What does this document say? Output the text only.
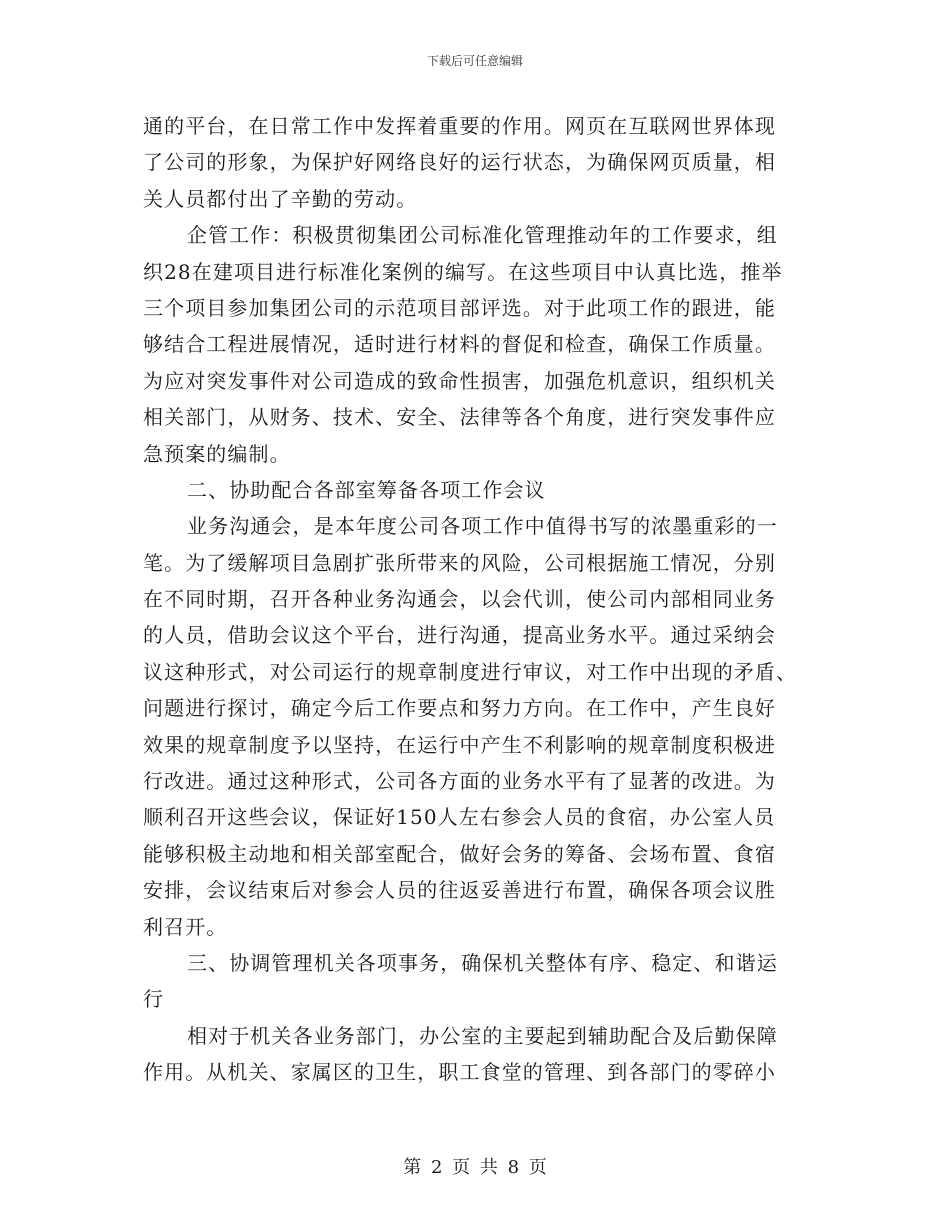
下载后可任意编辑
通的平台，在日常工作中发挥着重要的作用。网页在互联网世界体现
了公司的形象，为保护好网络良好的运行状态，为确保网页质量，相
关人员都付出了辛勤的劳动。
企管工作：积极贯彻集团公司标准化管理推动年的工作要求，组
织28在建项目进行标准化案例的编写。在这些项目中认真比选，推举
三个项目参加集团公司的示范项目部评选。对于此项工作的跟进，能
够结合工程进展情况，适时进行材料的督促和检查，确保工作质量。
为应对突发事件对公司造成的致命性损害，加强危机意识，组织机关
相关部门，从财务、技术、安全、法律等各个角度，进行突发事件应
急预案的编制。
二、协助配合各部室筹备各项工作会议
业务沟通会，是本年度公司各项工作中值得书写的浓墨重彩的一
笔。为了缓解项目急剧扩张所带来的风险，公司根据施工情况，分别
在不同时期，召开各种业务沟通会，以会代训，使公司内部相同业务
的人员，借助会议这个平台，进行沟通，提高业务水平。通过采纳会
议这种形式，对公司运行的规章制度进行审议，对工作中出现的矛盾、
问题进行探讨，确定今后工作要点和努力方向。在工作中，产生良好
效果的规章制度予以坚持，在运行中产生不利影响的规章制度积极进
行改进。通过这种形式，公司各方面的业务水平有了显著的改进。为
顺利召开这些会议，保证好150人左右参会人员的食宿，办公室人员
能够积极主动地和相关部室配合，做好会务的筹备、会场布置、食宿
安排，会议结束后对参会人员的往返妥善进行布置，确保各项会议胜
利召开。
三、协调管理机关各项事务，确保机关整体有序、稳定、和谐运
行
相对于机关各业务部门，办公室的主要起到辅助配合及后勤保障
作用。从机关、家属区的卫生，职工食堂的管理、到各部门的零碎小
第 2 页 共 8 页
